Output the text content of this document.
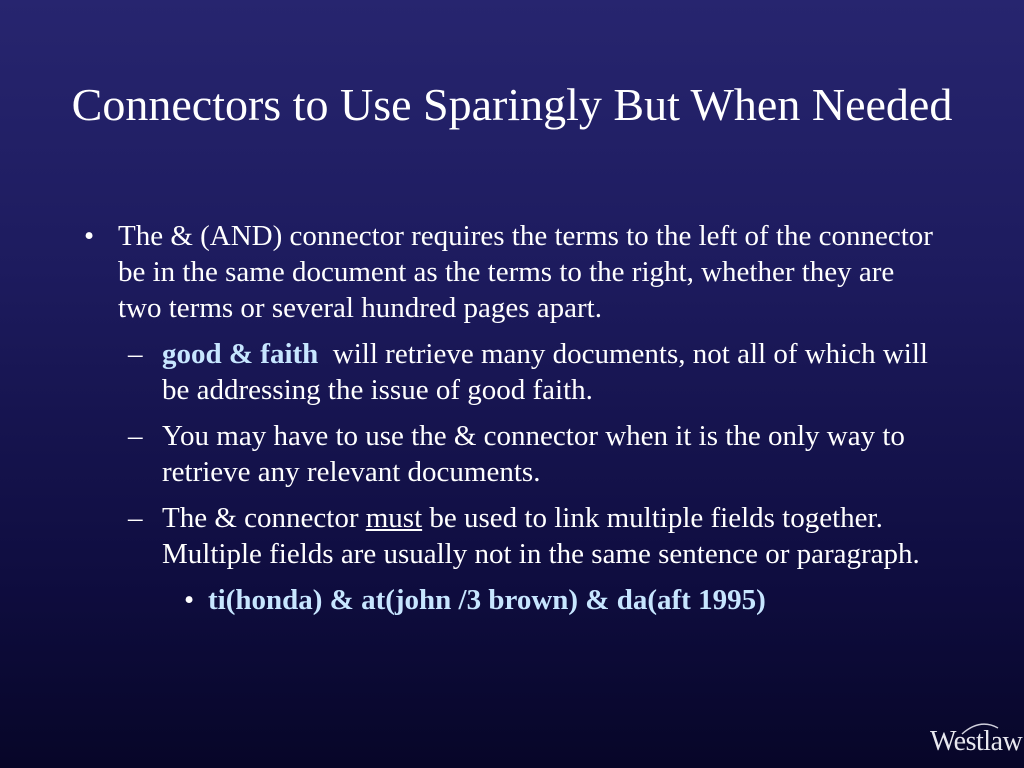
Connectors to Use Sparingly But When Needed
• The & (AND) connector requires the terms to the left of the connector be in the same document as the terms to the right, whether they are two terms or several hundred pages apart.
– good & faith will retrieve many documents, not all of which will be addressing the issue of good faith.
– You may have to use the & connector when it is the only way to retrieve any relevant documents.
– The & connector must be used to link multiple fields together. Multiple fields are usually not in the same sentence or paragraph.
• ti(honda) & at(john /3 brown) & da(aft 1995)
Westlaw
